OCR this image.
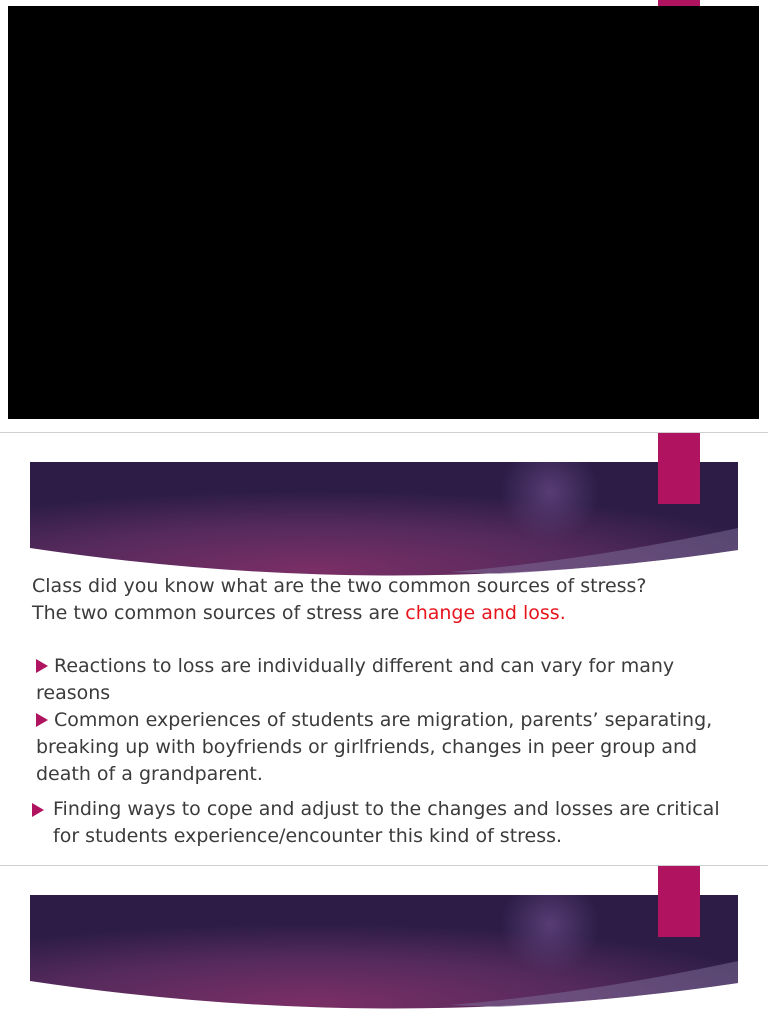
Class did you know what are the two common sources of stress?

The two common sources of stress are change and loss.

Reactions to loss are individually different and can vary for many reasons

Common experiences of students are migration, parents’ separating, breaking up with boyfriends or girlfriends, changes in peer group and death of a grandparent.

Finding ways to cope and adjust to the changes and losses are critical for students experience/encounter this kind of stress.
